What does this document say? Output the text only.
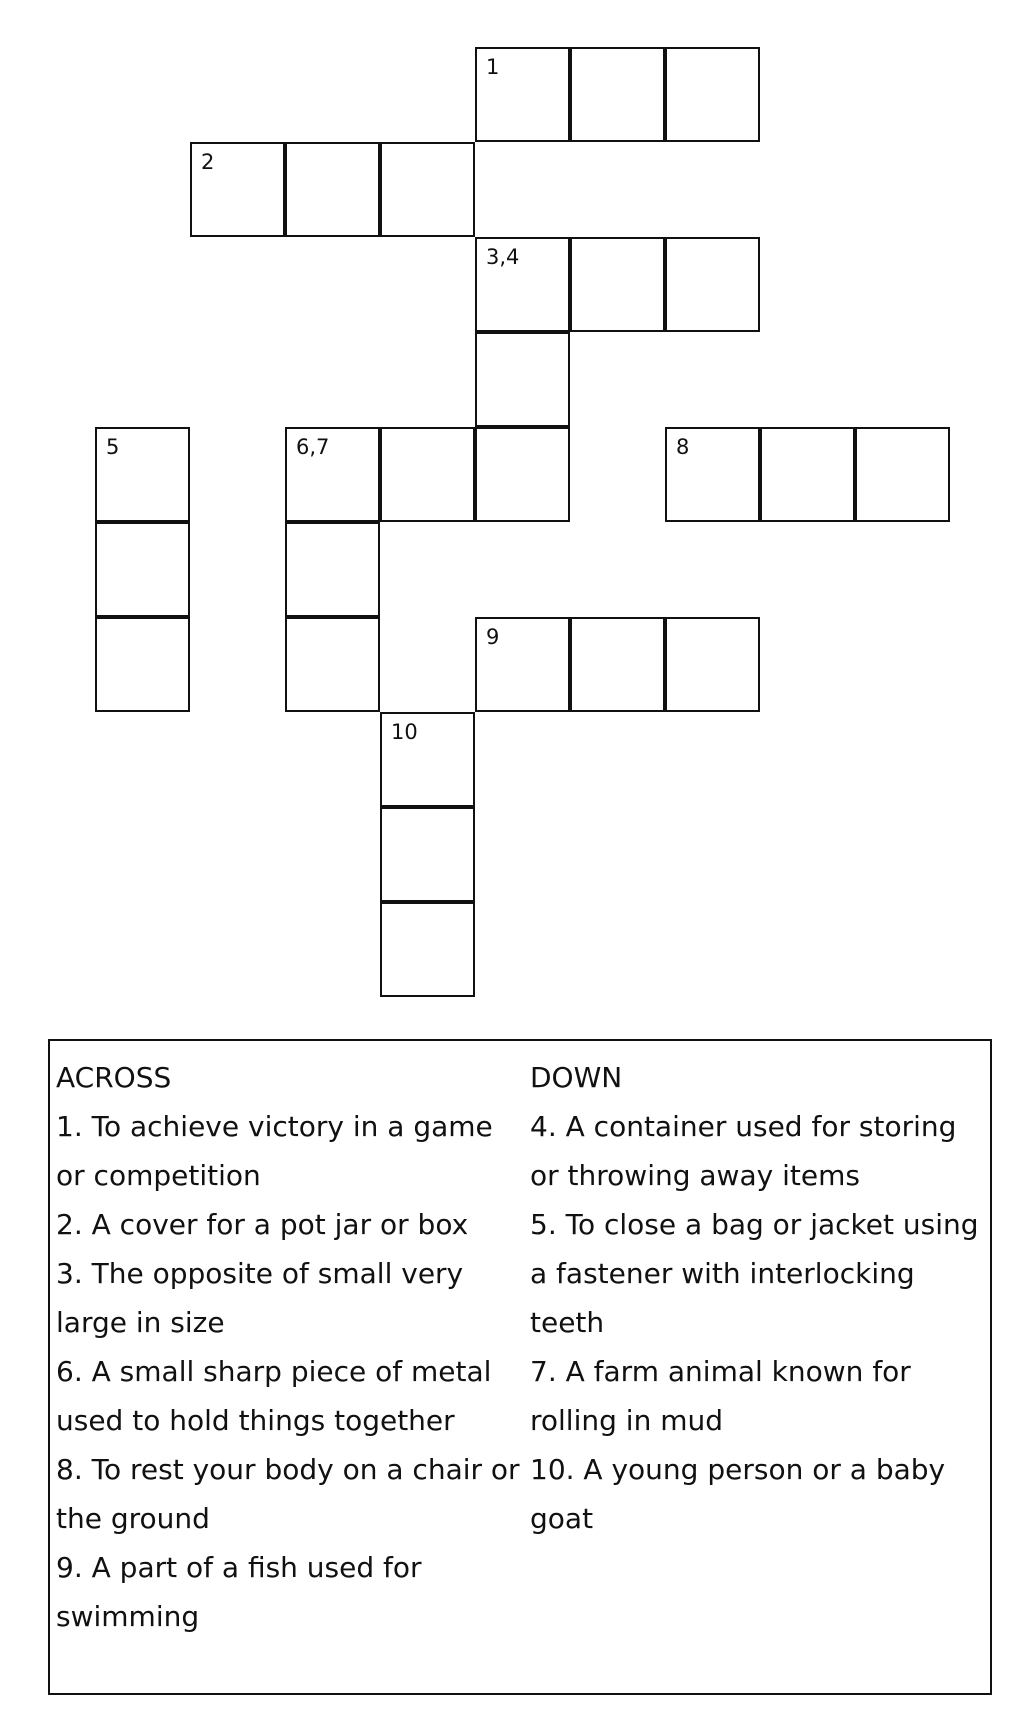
1
2
3,4
5	6,7	8
9
10

ACROSS

1. To achieve victory in a game or competition

2. A cover for a pot jar or box

3. The opposite of small very large in size

6. A small sharp piece of metal used to hold things together

8. To rest your body on a chair or the ground

9. A part of a fish used for swimming

DOWN

4. A container used for storing or throwing away items

5. To close a bag or jacket using a fastener with interlocking teeth

7. A farm animal known for rolling in mud

10. A young person or a baby goat
